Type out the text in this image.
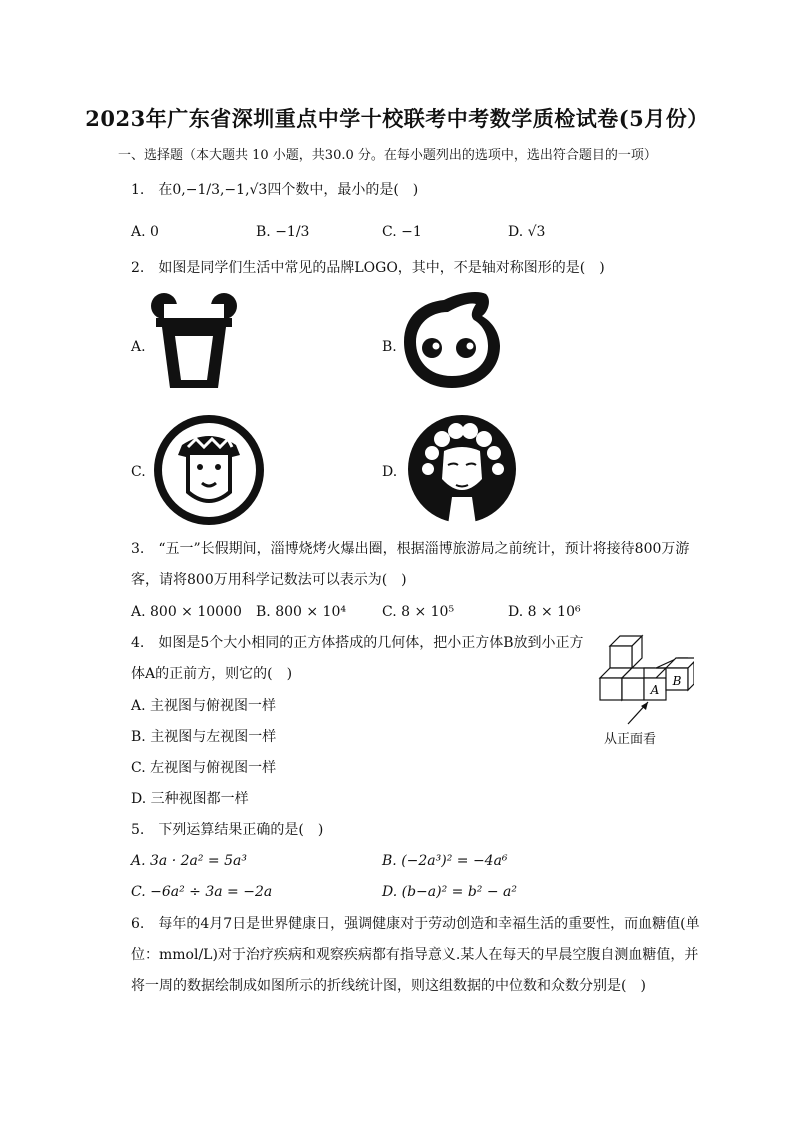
2023年广东省深圳重点中学十校联考中考数学质检试卷(5月份）
一、选择题（本大题共 10 小题，共30.0 分。在每小题列出的选项中，选出符合题目的一项）
1.　在0,−1/3,−1,√3四个数中，最小的是(　)
A. 0	B. −1/3	C. −1	D. √3
2.　如图是同学们生活中常见的品牌LOGO，其中，不是轴对称图形的是(　)
A.	B.
C.	D.
3.　“五一”长假期间，淄博烧烤火爆出圈，根据淄博旅游局之前统计，预计将接待800万游
客，请将800万用科学记数法可以表示为(　)
A. 800 × 10000 B. 800 × 10⁴	C. 8 × 10⁵	D. 8 × 10⁶
4.　如图是5个大小相同的正方体搭成的几何体，把小正方体B放到小正方
体A的正前方，则它的(　)
A. 主视图与俯视图一样
B. 主视图与左视图一样
C. 左视图与俯视图一样
D. 三种视图都一样
A
B
从正面看
5.　下列运算结果正确的是(　)
A. 3a · 2a² = 5a³	B. (−2a³)² = −4a⁶
C. −6a² ÷ 3a = −2a	D. (b−a)² = b² − a²
6.　每年的4月7日是世界健康日，强调健康对于劳动创造和幸福生活的重要性，而血糖值(单
位：mmol/L)对于治疗疾病和观察疾病都有指导意义.某人在每天的早晨空腹自测血糖值，并
将一周的数据绘制成如图所示的折线统计图，则这组数据的中位数和众数分别是(　)
